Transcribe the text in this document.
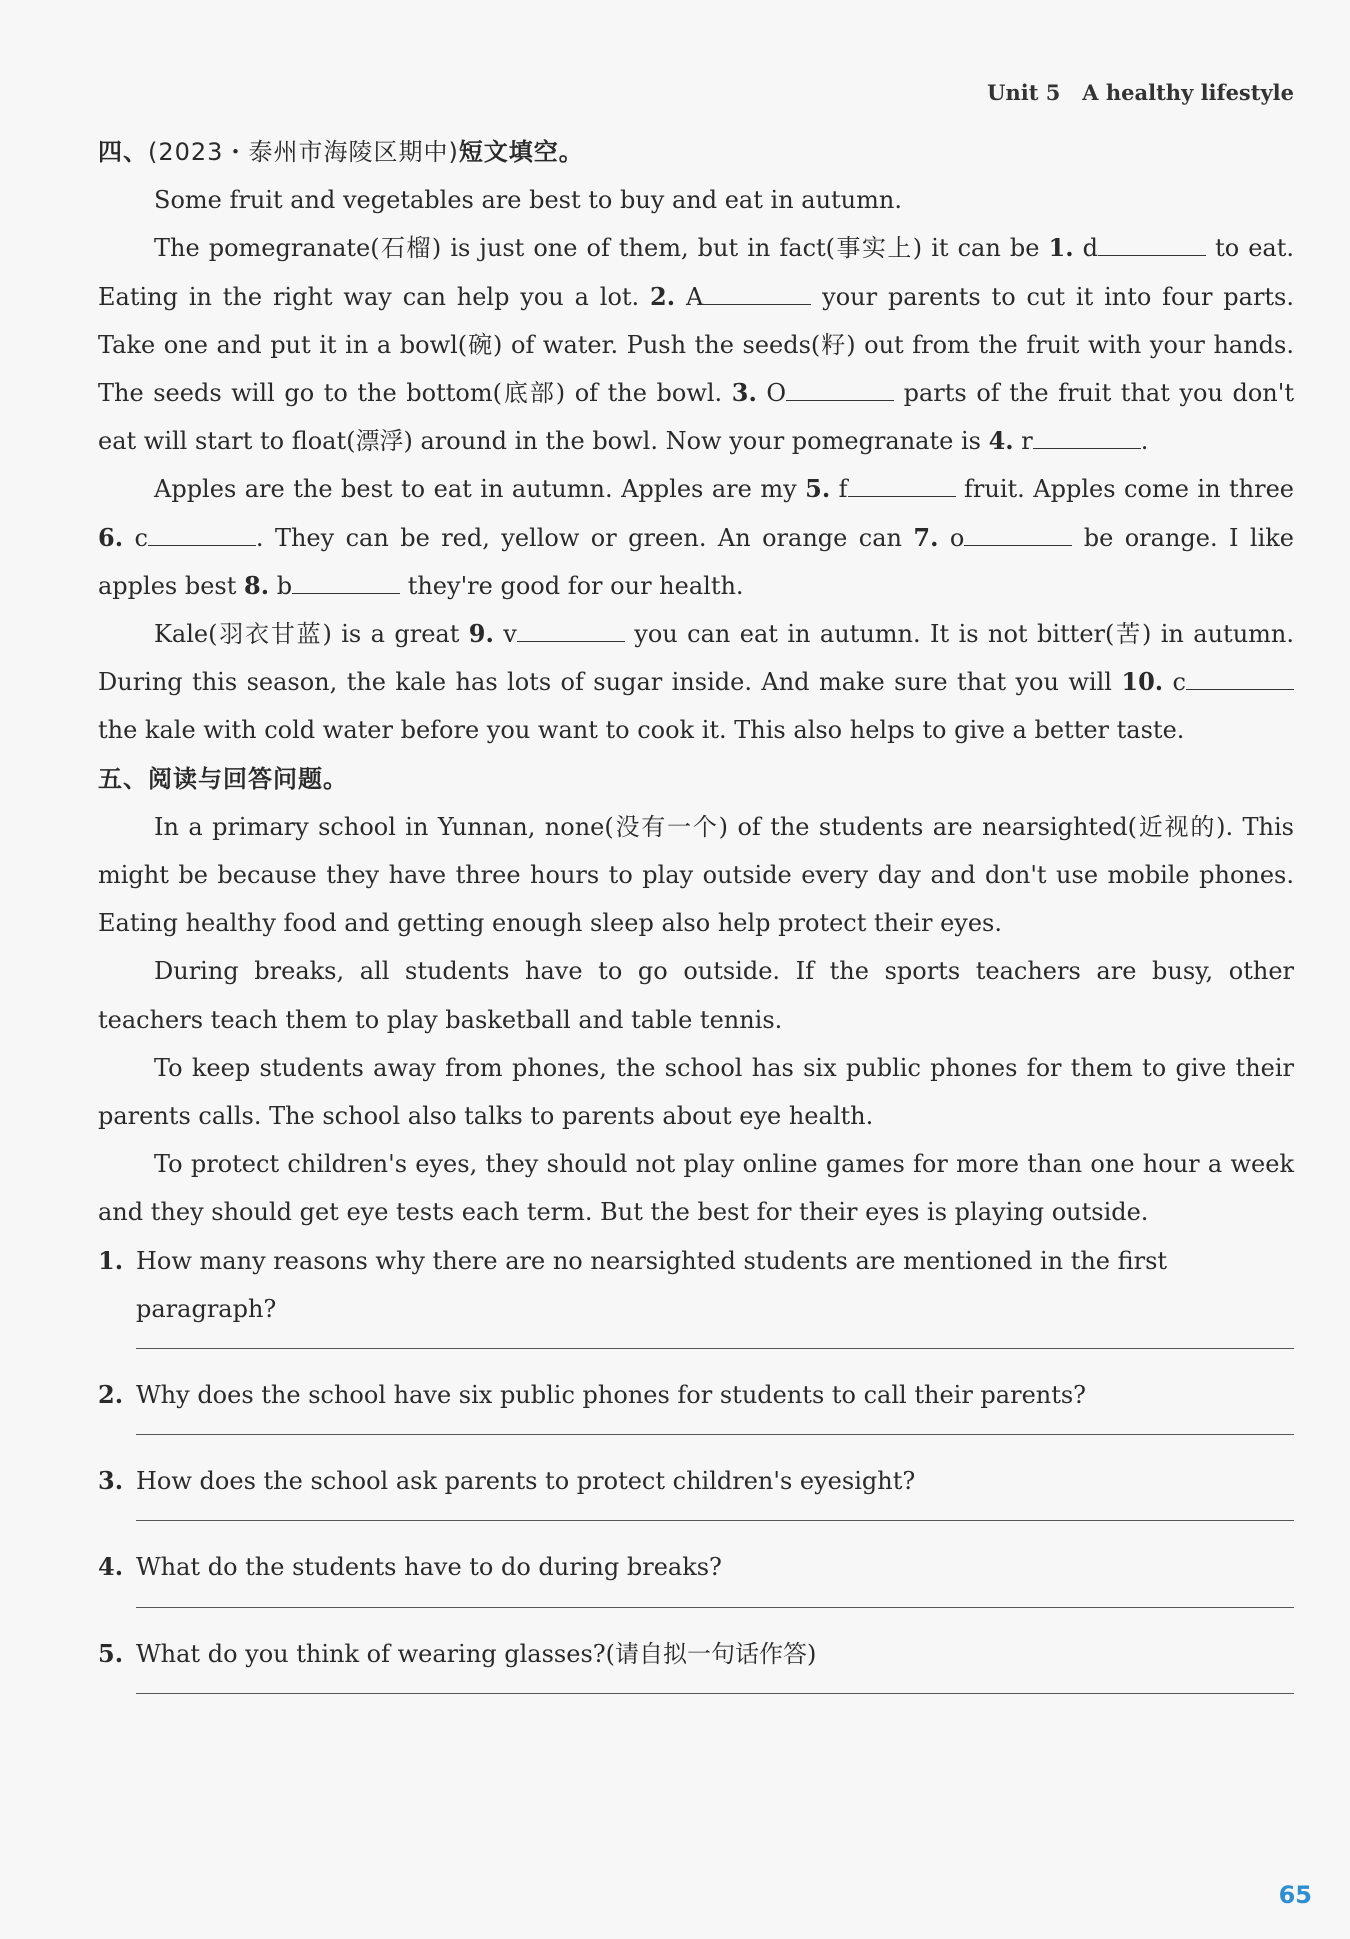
Unit 5 A healthy lifestyle
四、(2023・泰州市海陵区期中)短文填空。

Some fruit and vegetables are best to buy and eat in autumn.

The pomegranate(石榴) is just one of them, but in fact(事实上) it can be 1. d	to eat. Eating in the right way can help you a lot. 2. A	your parents to cut it into four parts. Take one and put it in a bowl(碗) of water. Push the seeds(籽) out from the fruit with your hands. The seeds will go to the bottom(底部) of the bowl. 3. O	parts of the fruit that you don't eat will start to float(漂浮) around in the bowl. Now your pomegranate is 4. r	.

Apples are the best to eat in autumn. Apples are my 5. f	fruit. Apples come in three 6. c	. They can be red, yellow or green. An orange can 7. o	be orange. I like apples best 8. b	they're good for our health.

Kale(羽衣甘蓝) is a great 9. v	you can eat in autumn. It is not bitter(苦) in autumn. During this season, the kale has lots of sugar inside. And make sure that you will 10. c the kale with cold water before you want to cook it. This also helps to give a better taste.

五、阅读与回答问题。

In a primary school in Yunnan, none(没有一个) of the students are nearsighted(近视的). This might be because they have three hours to play outside every day and don't use mobile phones. Eating healthy food and getting enough sleep also help protect their eyes.

During breaks, all students have to go outside. If the sports teachers are busy, other teachers teach them to play basketball and table tennis.

To keep students away from phones, the school has six public phones for them to give their parents calls. The school also talks to parents about eye health.

To protect children's eyes, they should not play online games for more than one hour a week and they should get eye tests each term. But the best for their eyes is playing outside.

1. How many reasons why there are no nearsighted students are mentioned in the first paragraph?
2. Why does the school have six public phones for students to call their parents?
3. How does the school ask parents to protect children's eyesight?
4. What do the students have to do during breaks?
5. What do you think of wearing glasses?(请自拟一句话作答)
65
